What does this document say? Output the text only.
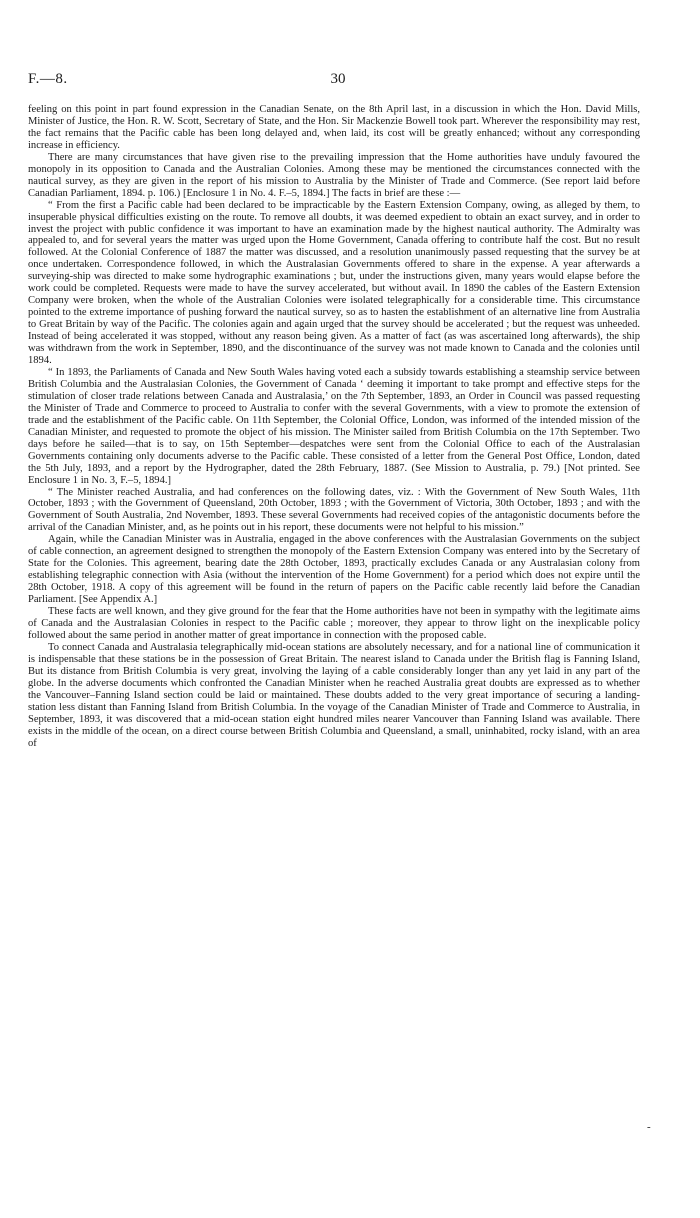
F.—8.	30

feeling on this point in part found expression in the Canadian Senate, on the 8th April last, in a discussion in which the Hon. David Mills, Minister of Justice, the Hon. R. W. Scott, Secretary of State, and the Hon. Sir Mackenzie Bowell took part. Wherever the responsibility may rest, the fact remains that the Pacific cable has been long delayed and, when laid, its cost will be greatly enhanced; without any corresponding increase in efficiency.

There are many circumstances that have given rise to the prevailing impression that the Home authorities have unduly favoured the monopoly in its opposition to Canada and the Australian Colonies. Among these may be mentioned the circumstances connected with the nautical survey, as they are given in the report of his mission to Australia by the Minister of Trade and Commerce. (See report laid before Canadian Parliament, 1894. p. 106.) [Enclosure 1 in No. 4. F.–5, 1894.] The facts in brief are these :—

“ From the first a Pacific cable had been declared to be impracticable by the Eastern Extension Company, owing, as alleged by them, to insuperable physical difficulties existing on the route. To remove all doubts, it was deemed expedient to obtain an exact survey, and in order to invest the project with public confidence it was important to have an examination made by the highest nautical authority. The Admiralty was appealed to, and for several years the matter was urged upon the Home Government, Canada offering to contribute half the cost. But no result followed. At the Colonial Conference of 1887 the matter was discussed, and a resolution unanimously passed requesting that the survey be at once undertaken. Correspondence followed, in which the Australasian Governments offered to share in the expense. A year afterwards a surveying-ship was directed to make some hydrographic examinations ; but, under the instructions given, many years would elapse before the work could be completed. Requests were made to have the survey accelerated, but without avail. In 1890 the cables of the Eastern Extension Company were broken, when the whole of the Australian Colonies were isolated telegraphically for a considerable time. This circumstance pointed to the extreme importance of pushing forward the nautical survey, so as to hasten the establishment of an alternative line from Australia to Great Britain by way of the Pacific. The colonies again and again urged that the survey should be accelerated ; but the request was unheeded. Instead of being accelerated it was stopped, without any reason being given. As a matter of fact (as was ascertained long afterwards), the ship was withdrawn from the work in September, 1890, and the discontinuance of the survey was not made known to Canada and the colonies until 1894.

“ In 1893, the Parliaments of Canada and New South Wales having voted each a subsidy towards establishing a steamship service between British Columbia and the Australasian Colonies, the Government of Canada ‘ deeming it important to take prompt and effective steps for the stimulation of closer trade relations between Canada and Australasia,’ on the 7th September, 1893, an Order in Council was passed requesting the Minister of Trade and Commerce to proceed to Australia to confer with the several Governments, with a view to promote the extension of trade and the establishment of the Pacific cable. On 11th September, the Colonial Office, London, was informed of the intended mission of the Canadian Minister, and requested to promote the object of his mission. The Minister sailed from British Columbia on the 17th September. Two days before he sailed—that is to say, on 15th September—despatches were sent from the Colonial Office to each of the Australasian Governments containing only documents adverse to the Pacific cable. These consisted of a letter from the General Post Office, London, dated the 5th July, 1893, and a report by the Hydrographer, dated the 28th February, 1887. (See Mission to Australia, p. 79.) [Not printed. See Enclosure 1 in No. 3, F.–5, 1894.]

“ The Minister reached Australia, and had conferences on the following dates, viz. : With the Government of New South Wales, 11th October, 1893 ; with the Government of Queensland, 20th October, 1893 ; with the Government of Victoria, 30th October, 1893 ; and with the Government of South Australia, 2nd November, 1893. These several Governments had received copies of the antagonistic documents before the arrival of the Canadian Minister, and, as he points out in his report, these documents were not helpful to his mission.”

Again, while the Canadian Minister was in Australia, engaged in the above conferences with the Australasian Governments on the subject of cable connection, an agreement designed to strengthen the monopoly of the Eastern Extension Company was entered into by the Secretary of State for the Colonies. This agreement, bearing date the 28th October, 1893, practically excludes Canada or any Australasian colony from establishing telegraphic connection with Asia (without the intervention of the Home Government) for a period which does not expire until the 28th October, 1918. A copy of this agreement will be found in the return of papers on the Pacific cable recently laid before the Canadian Parliament. [See Appendix A.]

These facts are well known, and they give ground for the fear that the Home authorities have not been in sympathy with the legitimate aims of Canada and the Australasian Colonies in respect to the Pacific cable ; moreover, they appear to throw light on the inexplicable policy followed about the same period in another matter of great importance in connection with the proposed cable.

To connect Canada and Australasia telegraphically mid-ocean stations are absolutely necessary, and for a national line of communication it is indispensable that these stations be in the possession of Great Britain. The nearest island to Canada under the British flag is Fanning Island, But its distance from British Columbia is very great, involving the laying of a cable considerably longer than any yet laid in any part of the globe. In the adverse documents which confronted the Canadian Minister when he reached Australia great doubts are expressed as to whether the Vancouver–Fanning Island section could be laid or maintained. These doubts added to the very great importance of securing a landing-station less distant than Fanning Island from British Columbia. In the voyage of the Canadian Minister of Trade and Commerce to Australia, in September, 1893, it was discovered that a mid-ocean station eight hundred miles nearer Vancouver than Fanning Island was available. There exists in the middle of the ocean, on a direct course between British Columbia and Queensland, a small, uninhabited, rocky island, with an area of

-
